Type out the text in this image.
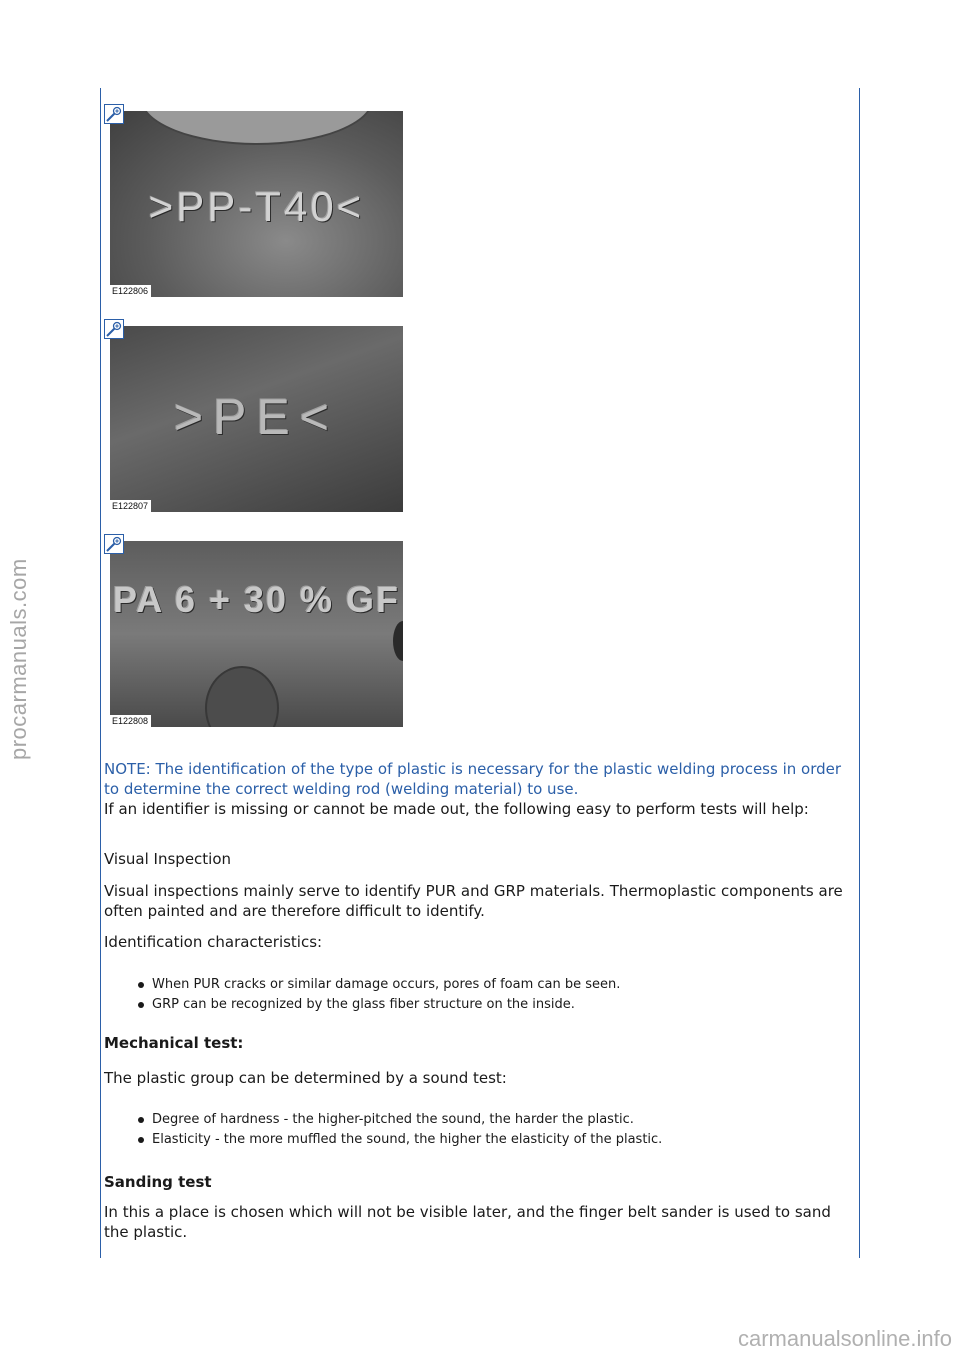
procarmanuals.com
carmanualsonline.info
>PP-T40<
E122806
>PE<
E122807
PA 6 + 30 % GF
E122808

NOTE: The identification of the type of plastic is necessary for the plastic welding process in order to determine the correct welding rod (welding material) to use.

If an identifier is missing or cannot be made out, the following easy to perform tests will help:

Visual Inspection

Visual inspections mainly serve to identify PUR and GRP materials. Thermoplastic components are often painted and are therefore difficult to identify.

Identification characteristics:

When PUR cracks or similar damage occurs, pores of foam can be seen.
GRP can be recognized by the glass fiber structure on the inside.

Mechanical test:

The plastic group can be determined by a sound test:

Degree of hardness - the higher-pitched the sound, the harder the plastic.
Elasticity - the more muffled the sound, the higher the elasticity of the plastic.

Sanding test

In this a place is chosen which will not be visible later, and the finger belt sander is used to sand the plastic.
